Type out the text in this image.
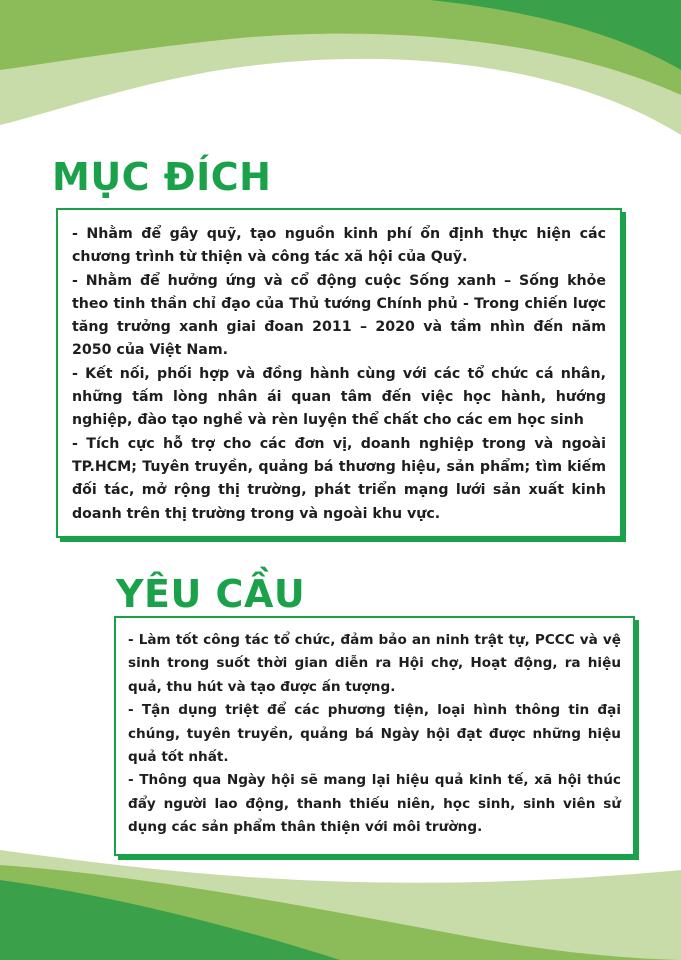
MỤC ĐÍCH

- Nhằm để gây quỹ, tạo nguồn kinh phí ổn định thực hiện các chương trình từ thiện và công tác xã hội của Quỹ.

- Nhằm để hưởng ứng và cổ động cuộc Sống xanh – Sống khỏe theo tinh thần chỉ đạo của Thủ tướng Chính phủ - Trong chiến lược tăng trưởng xanh giai đoan 2011 – 2020 và tầm nhìn đến năm 2050 của Việt Nam.

- Kết nối, phối hợp và đồng hành cùng với các tổ chức cá nhân, những tấm lòng nhân ái quan tâm đến việc học hành, hướng nghiệp, đào tạo nghề và rèn luyện thể chất cho các em học sinh

- Tích cực hỗ trợ cho các đơn vị, doanh nghiệp trong và ngoài TP.HCM; Tuyên truyền, quảng bá thương hiệu, sản phẩm; tìm kiếm đối tác, mở rộng thị trường, phát triển mạng lưới sản xuất kinh doanh trên thị trường trong và ngoài khu vực.

YÊU CẦU

- Làm tốt công tác tổ chức, đảm bảo an ninh trật tự, PCCC và vệ sinh trong suốt thời gian diễn ra Hội chợ, Hoạt động, ra hiệu quả, thu hút và tạo được ấn tượng.

- Tận dụng triệt để các phương tiện, loại hình thông tin đại chúng, tuyên truyền, quảng bá Ngày hội đạt được những hiệu quả tốt nhất.

- Thông qua Ngày hội sẽ mang lại hiệu quả kinh tế, xã hội thúc đẩy người lao động, thanh thiếu niên, học sinh, sinh viên sử dụng các sản phẩm thân thiện với môi trường.
